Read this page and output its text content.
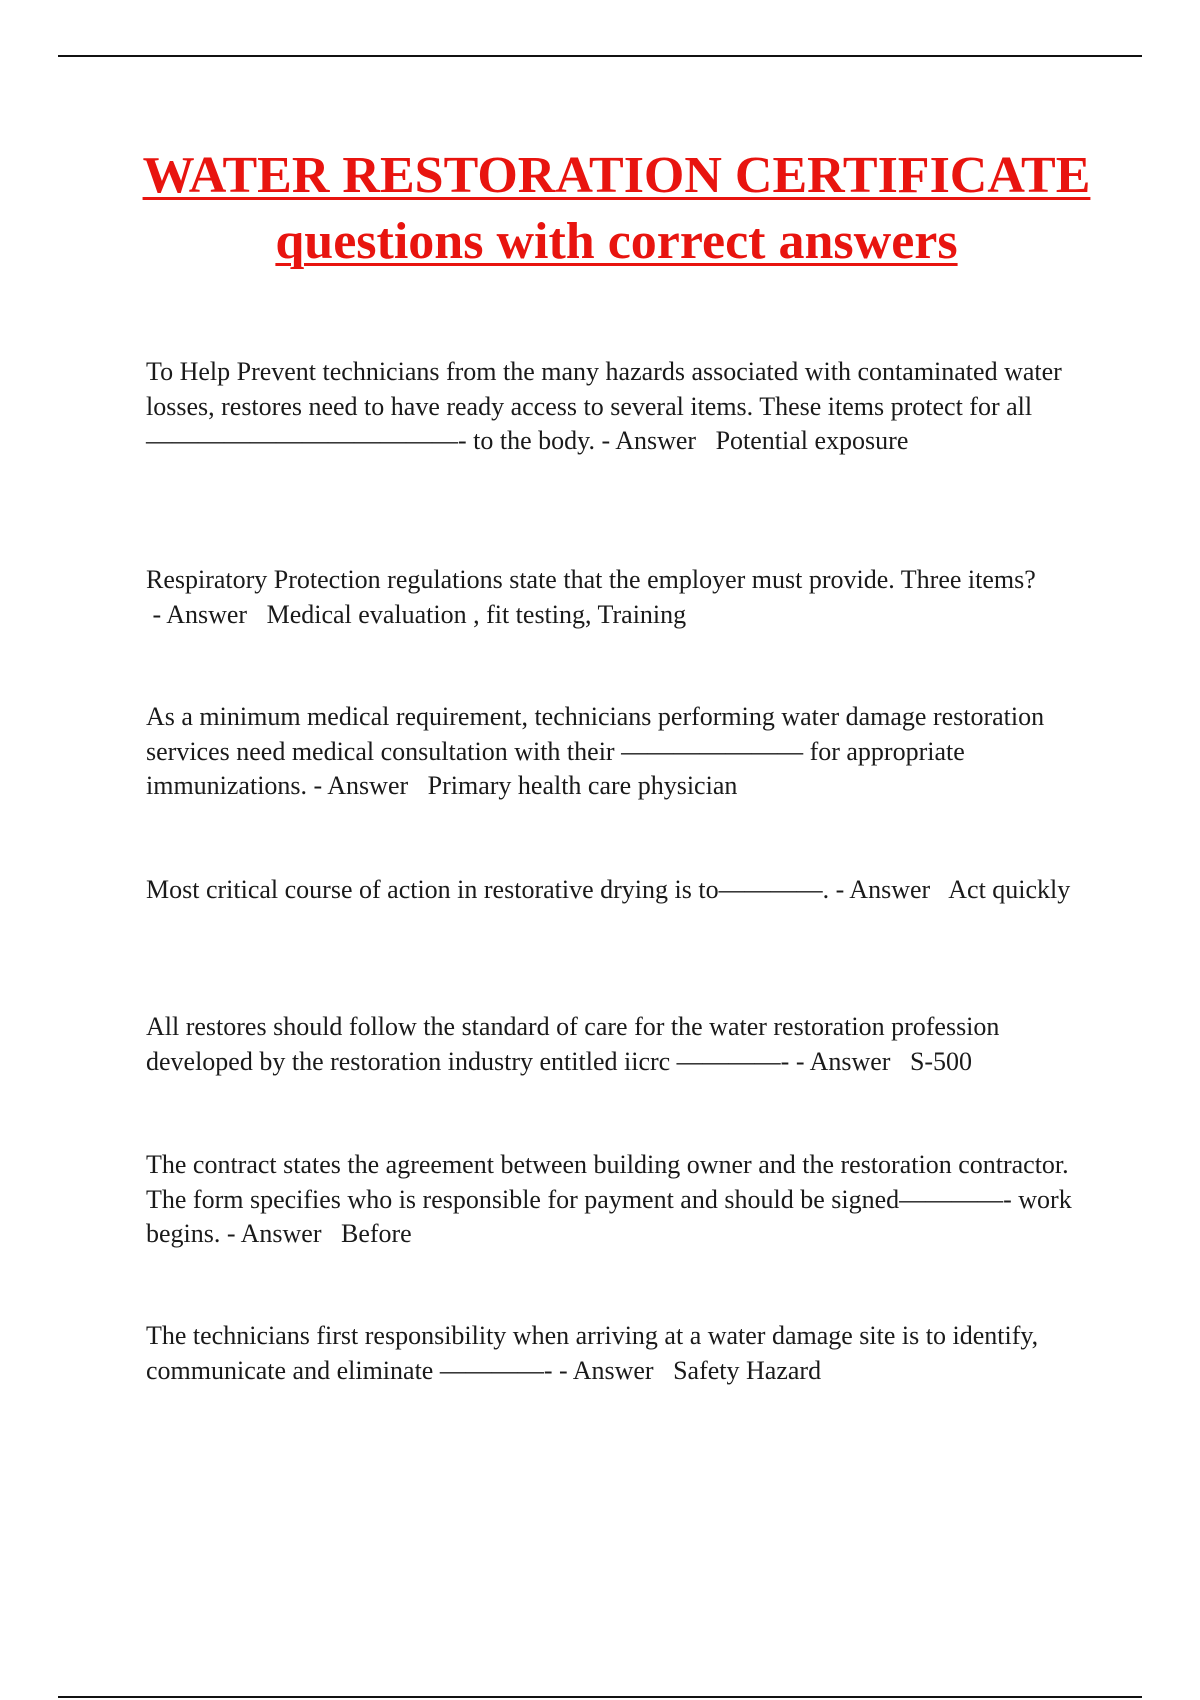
WATER RESTORATION CERTIFICATE questions with correct answers

To Help Prevent technicians from the many hazards associated with contaminated water losses, restores need to have ready access to several items. These items protect for all————————————- to the body. - Answer   Potential exposure

Respiratory Protection regulations state that the employer must provide. Three items? - Answer   Medical evaluation , fit testing, Training

As a minimum medical requirement, technicians performing water damage restoration services need medical consultation with their ——————— for appropriate immunizations. - Answer   Primary health care physician

Most critical course of action in restorative drying is to————. - Answer   Act quickly

All restores should follow the standard of care for the water restoration profession developed by the restoration industry entitled iicrc ————- - Answer   S-500

The contract states the agreement between building owner and the restoration contractor. The form specifies who is responsible for payment and should be signed————- work begins. - Answer   Before

The technicians first responsibility when arriving at a water damage site is to identify, communicate and eliminate ————- - Answer   Safety Hazard
